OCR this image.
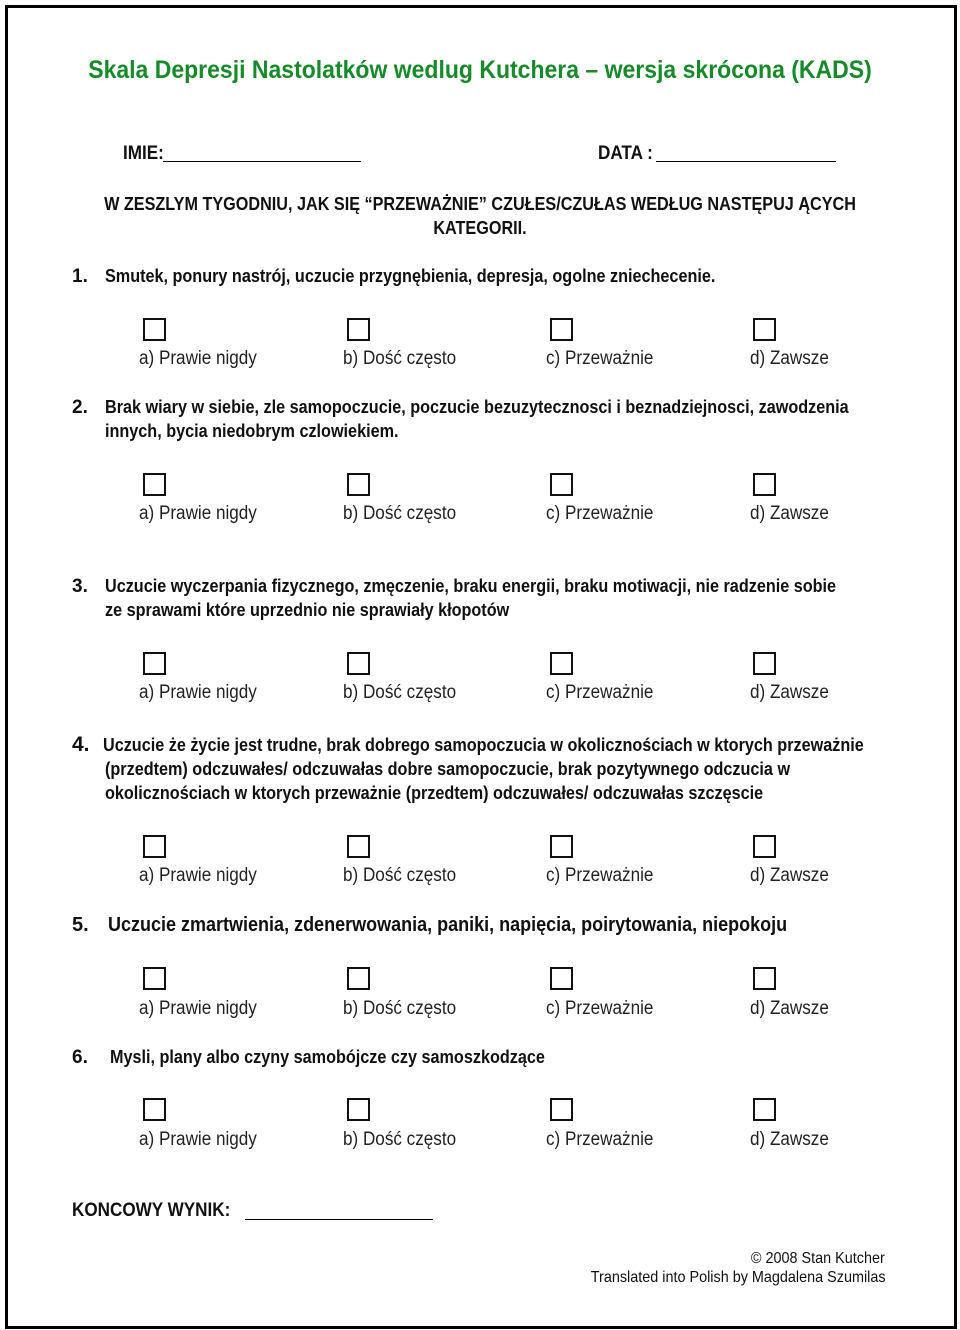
Skala Depresji Nastolatków wedlug Kutchera – wersja skrócona (KADS)
IMIE:	DATA :
W ZESZLYM TYGODNIU, JAK SIĘ “PRZEWAŻNIE” CZUŁES/CZUŁAS WEDŁUG NASTĘPUJ ĄCYCH
KATEGORII.
1. Smutek, ponury nastrój, uczucie przygnębienia, depresja, ogolne zniechecenie.
a) Prawie nigdy	b) Dość często	c) Przeważnie	d) Zawsze
2. Brak wiary w siebie, zle samopoczucie, poczucie bezuzytecznosci i beznadziejnosci, zawodzenia
innych, bycia niedobrym czlowiekiem.
a) Prawie nigdy	b) Dość często	c) Przeważnie	d) Zawsze
3. Uczucie wyczerpania fizycznego, zmęczenie, braku energii, braku motiwacji, nie radzenie sobie
ze sprawami które uprzednio nie sprawiały kłopotów
a) Prawie nigdy	b) Dość często	c) Przeważnie	d) Zawsze
4. Uczucie że życie jest trudne, brak dobrego samopoczucia w okolicznościach w ktorych przeważnie
(przedtem) odczuwałes/ odczuwałas dobre samopoczucie, brak pozytywnego odczucia w
okolicznościach w ktorych przeważnie (przedtem) odczuwałes/ odczuwałas szczęscie
a) Prawie nigdy	b) Dość często	c) Przeważnie	d) Zawsze
5. Uczucie zmartwienia, zdenerwowania, paniki, napięcia, poirytowania, niepokoju
a) Prawie nigdy	b) Dość często	c) Przeważnie	d) Zawsze
6. Mysli, plany albo czyny samobójcze czy samoszkodzące
a) Prawie nigdy	b) Dość często	c) Przeważnie	d) Zawsze
KONCOWY WYNIK:
© 2008 Stan Kutcher
Translated into Polish by Magdalena Szumilas
